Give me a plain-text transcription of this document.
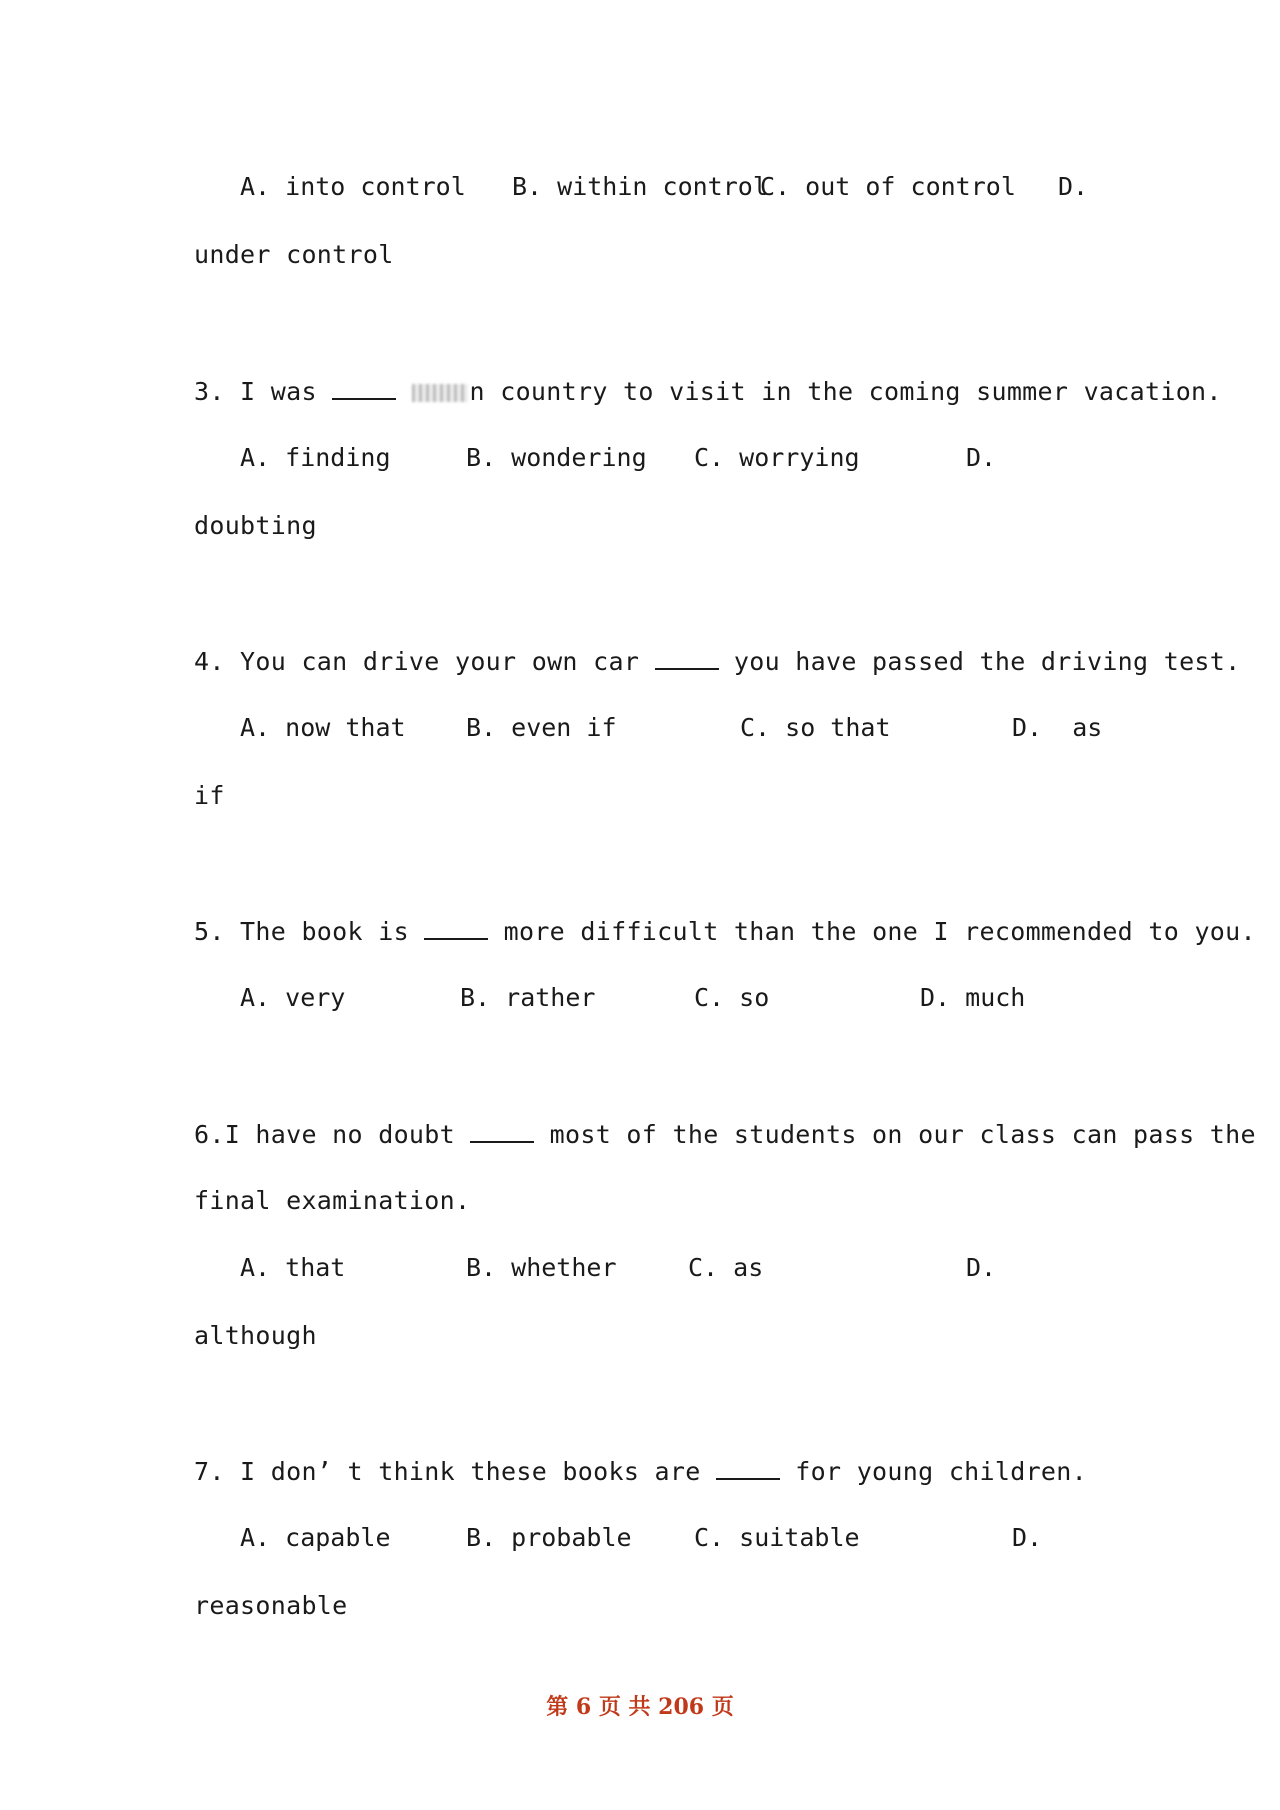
A. into control B. within control
C. out of control D.
under control
3. I was	n country to visit in the coming summer vacation.
A. finding	B. wondering C. worrying	D.
doubting
4. You can drive your own car	you have passed the driving test.
A. now that B. even if	C. so that	D.  as
if
5. The book is	more difficult than the one I recommended to you.
A. very	B. rather	C. so	D. much
6.I have no doubt	most of the students on our class can pass the
final examination.
A. that	B. whether	C. as	D.
although
7. I don’ t think these books are	for young children.
A. capable	B. probable C. suitable	D.
reasonable
第 6 页 共 206 页
